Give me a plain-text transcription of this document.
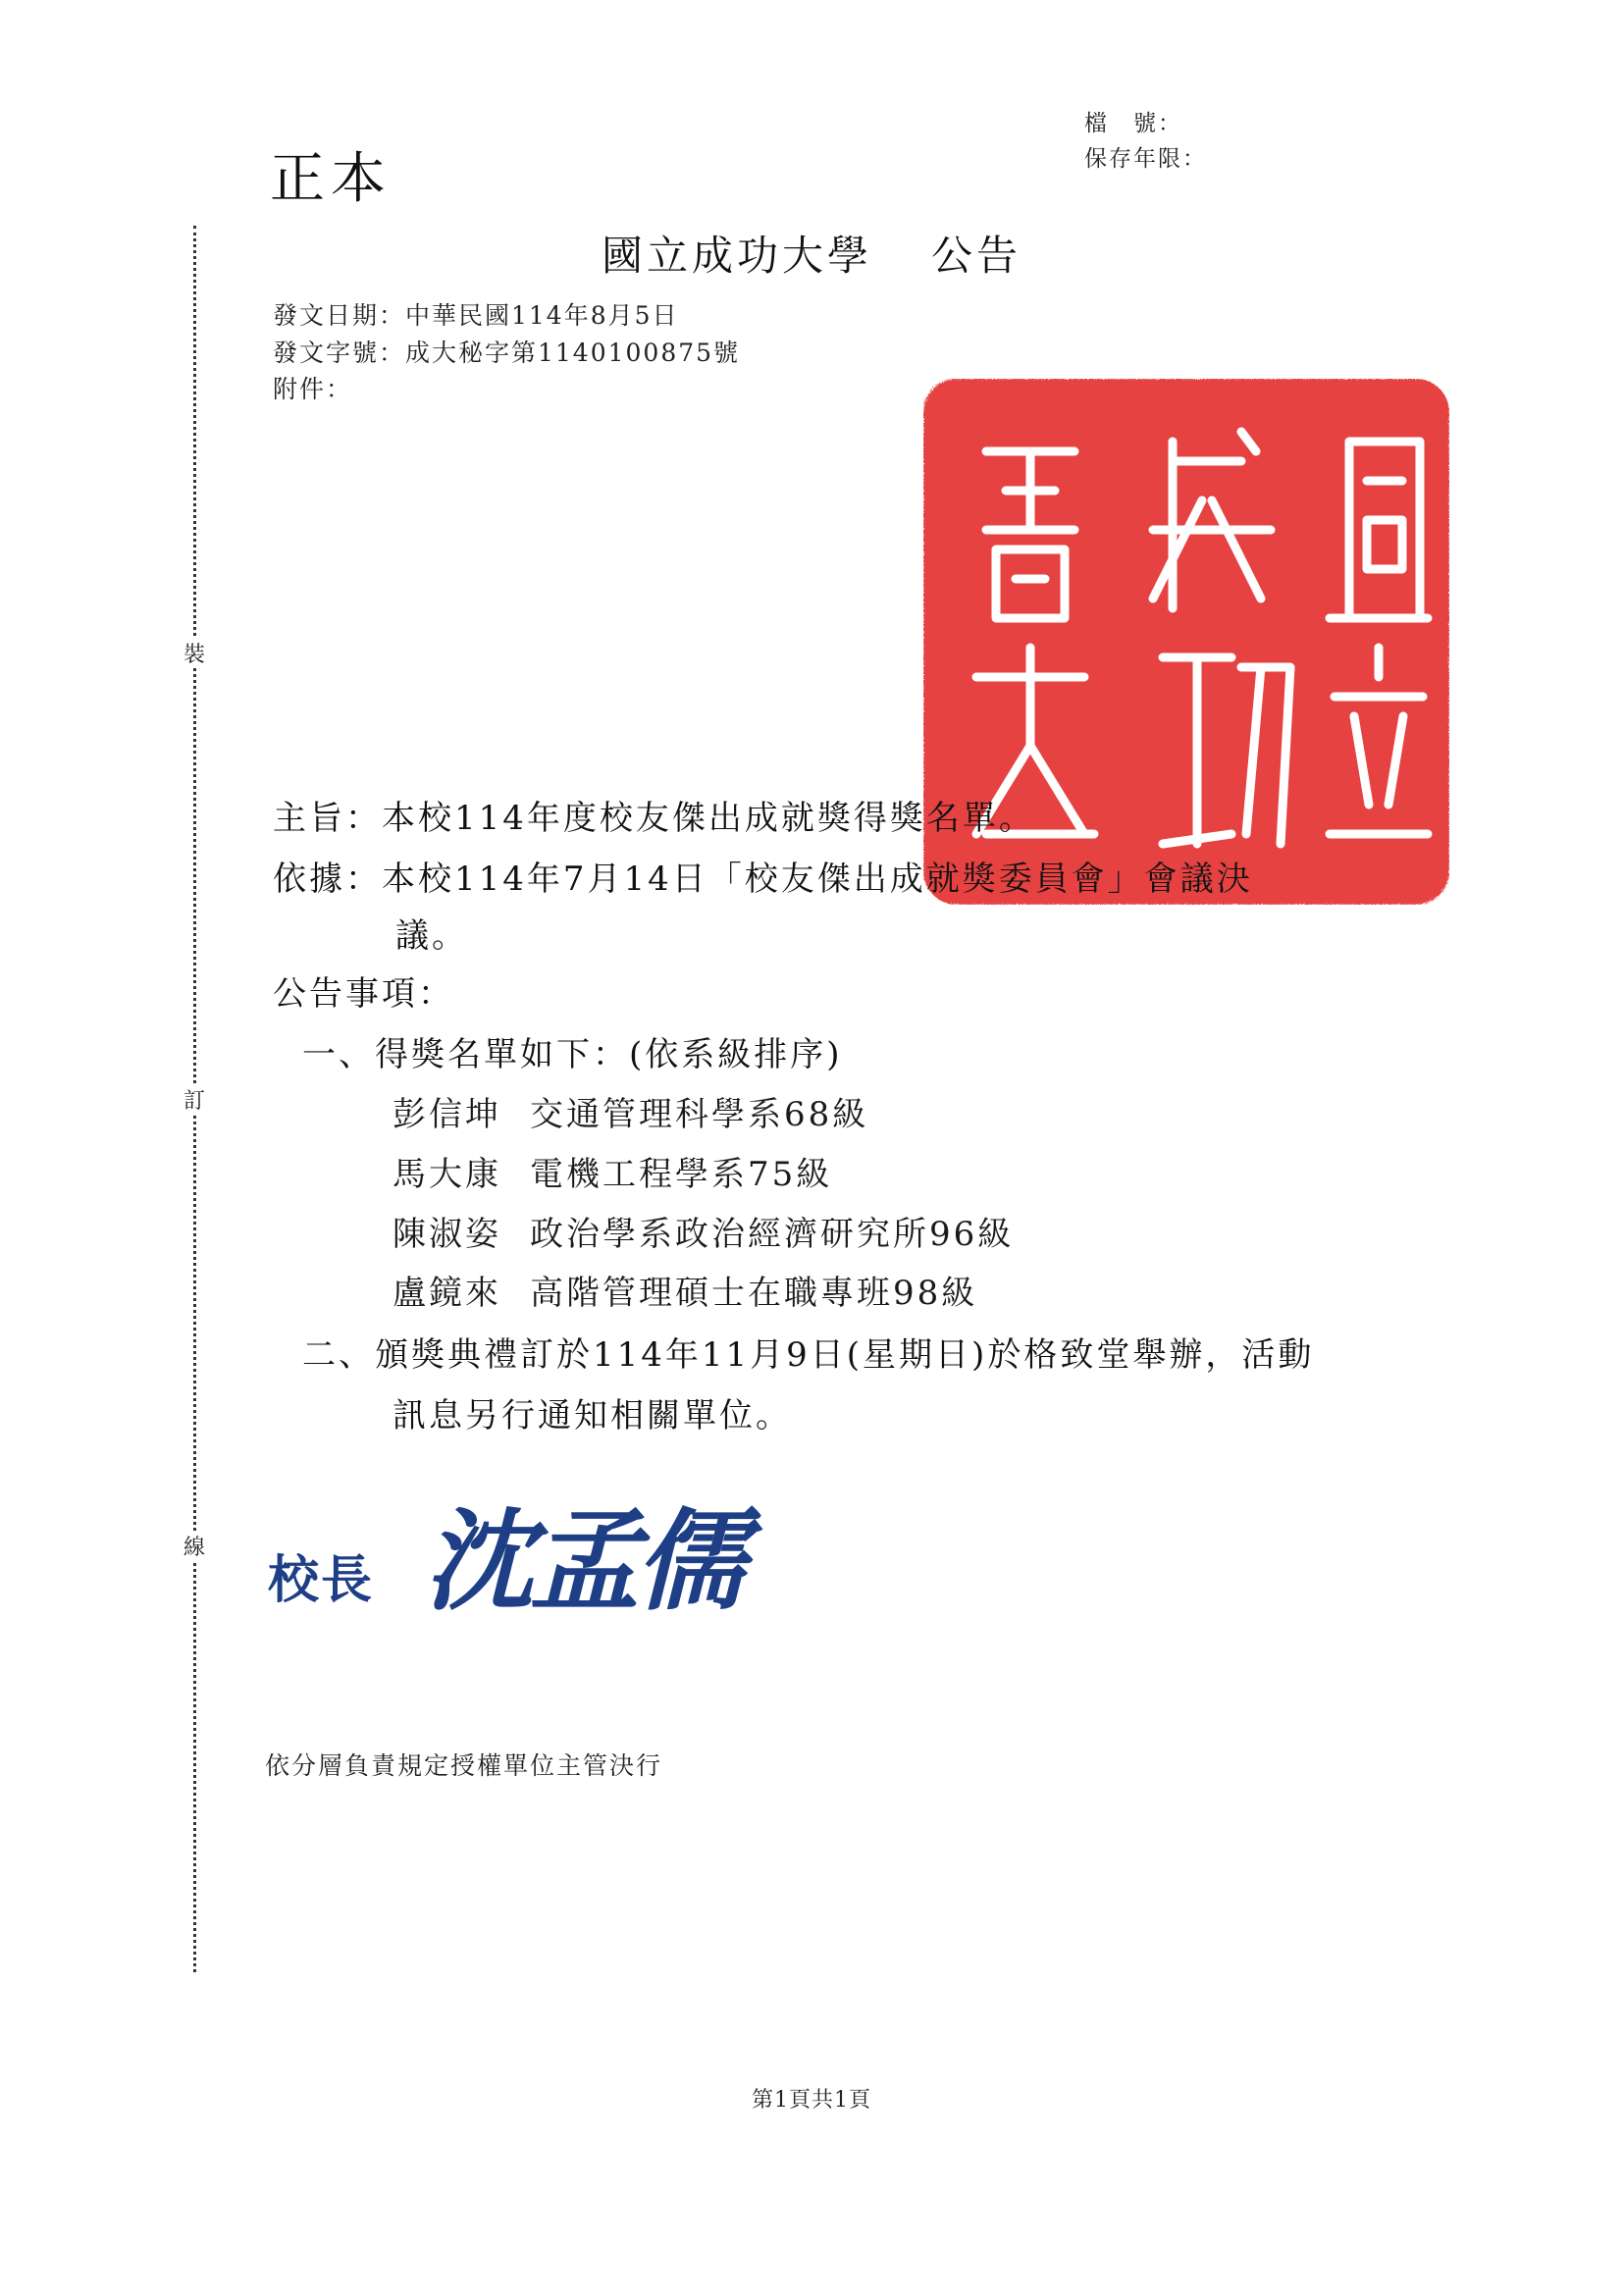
檔　號：
保存年限：
正本
裝
訂
線
國立成功大學 公告
發文日期：中華民國114年8月5日
發文字號：成大秘字第1140100875號
附件：
主旨：本校114年度校友傑出成就獎得獎名單。
依據：本校114年7月14日「校友傑出成就獎委員會」會議決
議。
公告事項：
一、得獎名單如下：(依系級排序)
彭信坤 交通管理科學系68級
馬大康 電機工程學系75級
陳淑姿 政治學系政治經濟研究所96級
盧鏡來 高階管理碩士在職專班98級
二、頒獎典禮訂於114年11月9日(星期日)於格致堂舉辦，活動
訊息另行通知相關單位。
校長 沈孟儒
依分層負責規定授權單位主管決行
第1頁共1頁
